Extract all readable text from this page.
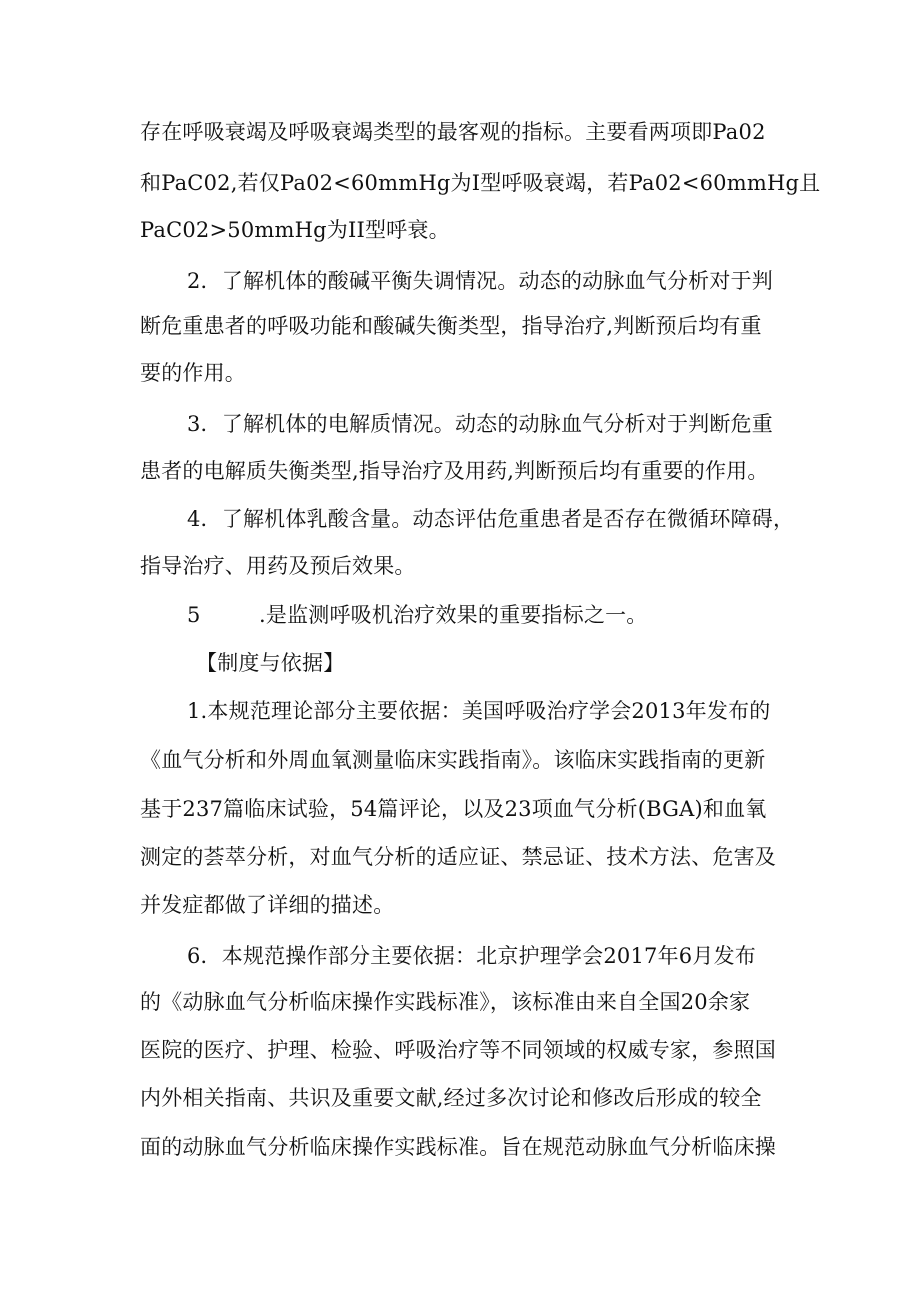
存在呼吸衰竭及呼吸衰竭类型的最客观的指标。主要看两项即Pa02
和PaC02,若仅Pa02<60mmHg为I型呼吸衰竭，若Pa02<60mmHg且
PaC02>50mmHg为II型呼衰。
2．了解机体的酸碱平衡失调情况。动态的动脉血气分析对于判
断危重患者的呼吸功能和酸碱失衡类型，指导治疗,判断预后均有重
要的作用。
3．了解机体的电解质情况。动态的动脉血气分析对于判断危重
患者的电解质失衡类型,指导治疗及用药,判断预后均有重要的作用。
4．了解机体乳酸含量。动态评估危重患者是否存在微循环障碍，
指导治疗、用药及预后效果。
5	.是监测呼吸机治疗效果的重要指标之一。
【制度与依据】
1.本规范理论部分主要依据：美国呼吸治疗学会2013年发布的
《血气分析和外周血氧测量临床实践指南》。该临床实践指南的更新
基于237篇临床试验，54篇评论，以及23项血气分析(BGA)和血氧
测定的荟萃分析，对血气分析的适应证、禁忌证、技术方法、危害及
并发症都做了详细的描述。
6．本规范操作部分主要依据：北京护理学会2017年6月发布
的《动脉血气分析临床操作实践标准》，该标准由来自全国20余家
医院的医疗、护理、检验、呼吸治疗等不同领域的权威专家，参照国
内外相关指南、共识及重要文献,经过多次讨论和修改后形成的较全
面的动脉血气分析临床操作实践标准。旨在规范动脉血气分析临床操
